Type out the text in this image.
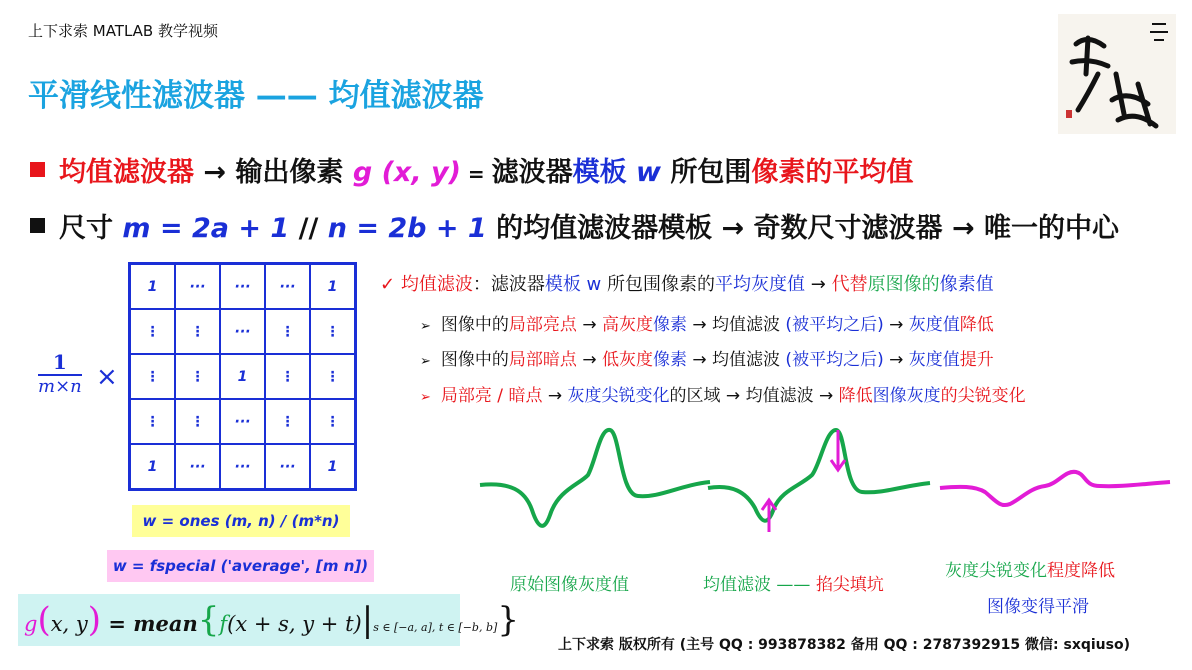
上下求索 MATLAB 教学视频
平滑线性滤波器 —— 均值滤波器
均值滤波器 → 输出像素 g (x, y) = 滤波器模板 w 所包围像素的平均值
尺寸 m = 2a + 1 // n = 2b + 1 的均值滤波器模板 → 奇数尺寸滤波器 → 唯一的中心
$\frac{1}{m\times n}$ ×
1	···	···	···	1
⋮	⋮	···	⋮	⋮
⋮	⋮	1	⋮	⋮
⋮	⋮	···	⋮	⋮
1	···	···	···	1
w = ones (m, n) / (m*n)
w = fspecial ('average', [m n])
g(x, y) = mean{f(x + s, y + t)|s ∈ [−a, a], t ∈ [−b, b]}
✓ 均值滤波：滤波器模板 w 所包围像素的平均灰度值 → 代替原图像的像素值
➢ 图像中的局部亮点 → 高灰度像素 → 均值滤波 (被平均之后) → 灰度值降低
➢ 图像中的局部暗点 → 低灰度像素 → 均值滤波 (被平均之后) → 灰度值提升
➢ 局部亮 / 暗点 → 灰度尖锐变化的区域 → 均值滤波 → 降低图像灰度的尖锐变化
原始图像灰度值	均值滤波 —— 掐尖填坑
灰度尖锐变化程度降低
图像变得平滑
上下求索 版权所有 (主号 QQ : 993878382 备用 QQ : 2787392915 微信: sxqiuso)
